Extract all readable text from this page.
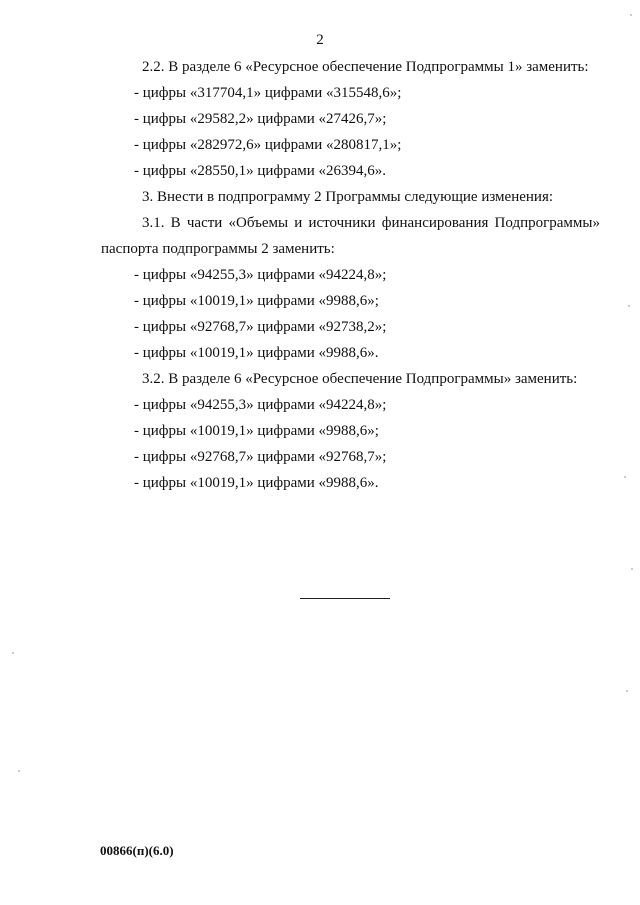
2
2.2. В разделе 6 «Ресурсное обеспечение Подпрограммы 1» заменить:
- цифры «317704,1» цифрами «315548,6»;
- цифры «29582,2» цифрами «27426,7»;
- цифры «282972,6» цифрами «280817,1»;
- цифры «28550,1» цифрами «26394,6».
3. Внести в подпрограмму 2 Программы следующие изменения:
3.1. В части «Объемы и источники финансирования Подпрограммы»
паспорта подпрограммы 2 заменить:
- цифры «94255,3» цифрами «94224,8»;
- цифры «10019,1» цифрами «9988,6»;
- цифры «92768,7» цифрами «92738,2»;
- цифры «10019,1» цифрами «9988,6».
3.2. В разделе 6 «Ресурсное обеспечение Подпрограммы» заменить:
- цифры «94255,3» цифрами «94224,8»;
- цифры «10019,1» цифрами «9988,6»;
- цифры «92768,7» цифрами «92768,7»;
- цифры «10019,1» цифрами «9988,6».
00866(п)(6.0)
